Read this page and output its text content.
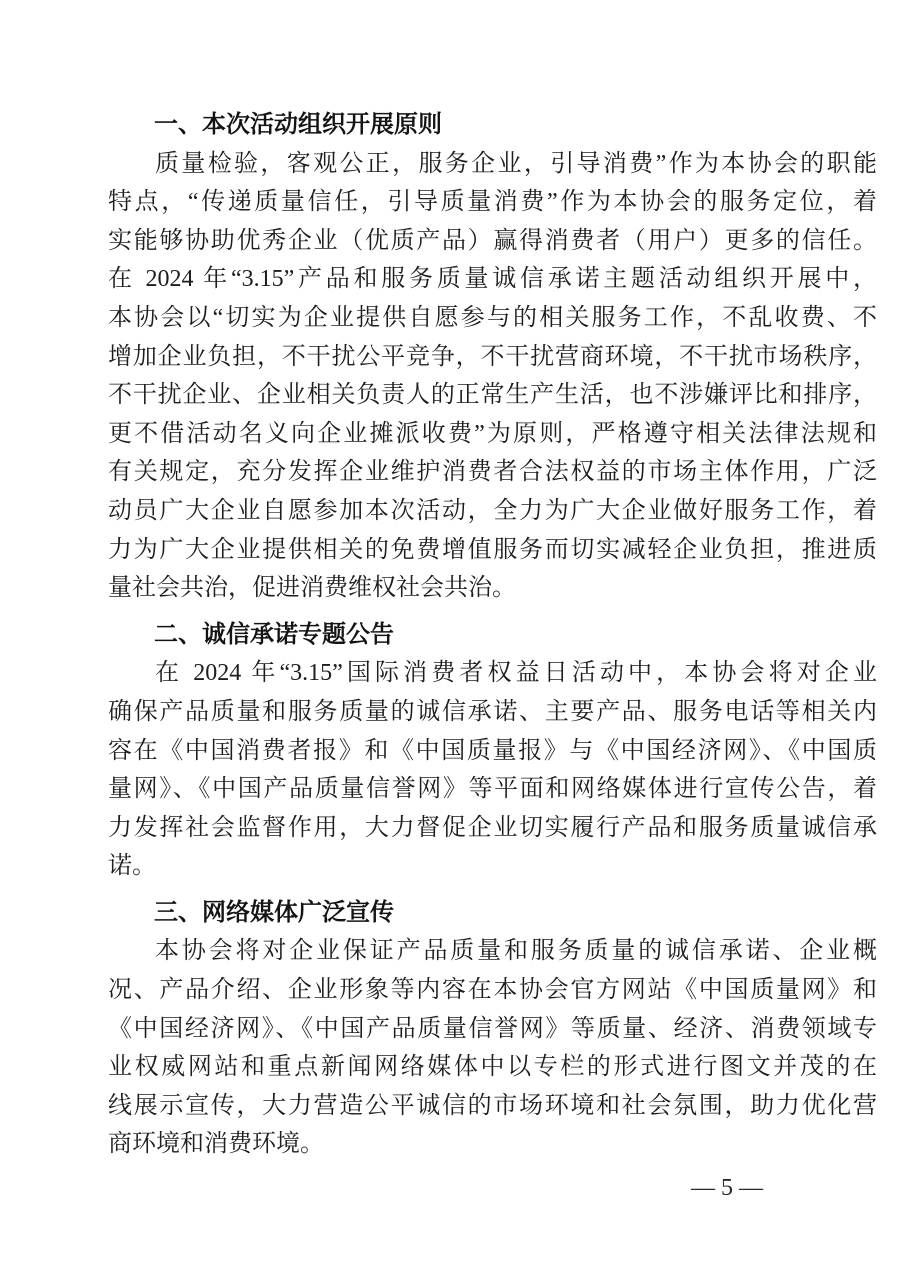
一、本次活动组织开展原则
质量检验，客观公正，服务企业，引导消费”作为本协会的职能
特点，“传递质量信任，引导质量消费”作为本协会的服务定位，着
实能够协助优秀企业（优质产品）赢得消费者（用户）更多的信任。
在 2024 年“3.15”产品和服务质量诚信承诺主题活动组织开展中，
本协会以“切实为企业提供自愿参与的相关服务工作，不乱收费、不
增加企业负担，不干扰公平竞争，不干扰营商环境，不干扰市场秩序，
不干扰企业、企业相关负责人的正常生产生活，也不涉嫌评比和排序，
更不借活动名义向企业摊派收费”为原则，严格遵守相关法律法规和
有关规定，充分发挥企业维护消费者合法权益的市场主体作用，广泛
动员广大企业自愿参加本次活动，全力为广大企业做好服务工作，着
力为广大企业提供相关的免费增值服务而切实减轻企业负担，推进质
量社会共治，促进消费维权社会共治。
二、诚信承诺专题公告
在 2024 年“3.15”国际消费者权益日活动中，本协会将对企业
确保产品质量和服务质量的诚信承诺、主要产品、服务电话等相关内
容在《中国消费者报》和《中国质量报》与《中国经济网》、《中国质
量网》、《中国产品质量信誉网》等平面和网络媒体进行宣传公告，着
力发挥社会监督作用，大力督促企业切实履行产品和服务质量诚信承
诺。
三、网络媒体广泛宣传
本协会将对企业保证产品质量和服务质量的诚信承诺、企业概
况、产品介绍、企业形象等内容在本协会官方网站《中国质量网》和
《中国经济网》、《中国产品质量信誉网》等质量、经济、消费领域专
业权威网站和重点新闻网络媒体中以专栏的形式进行图文并茂的在
线展示宣传，大力营造公平诚信的市场环境和社会氛围，助力优化营
商环境和消费环境。
— 5 —
